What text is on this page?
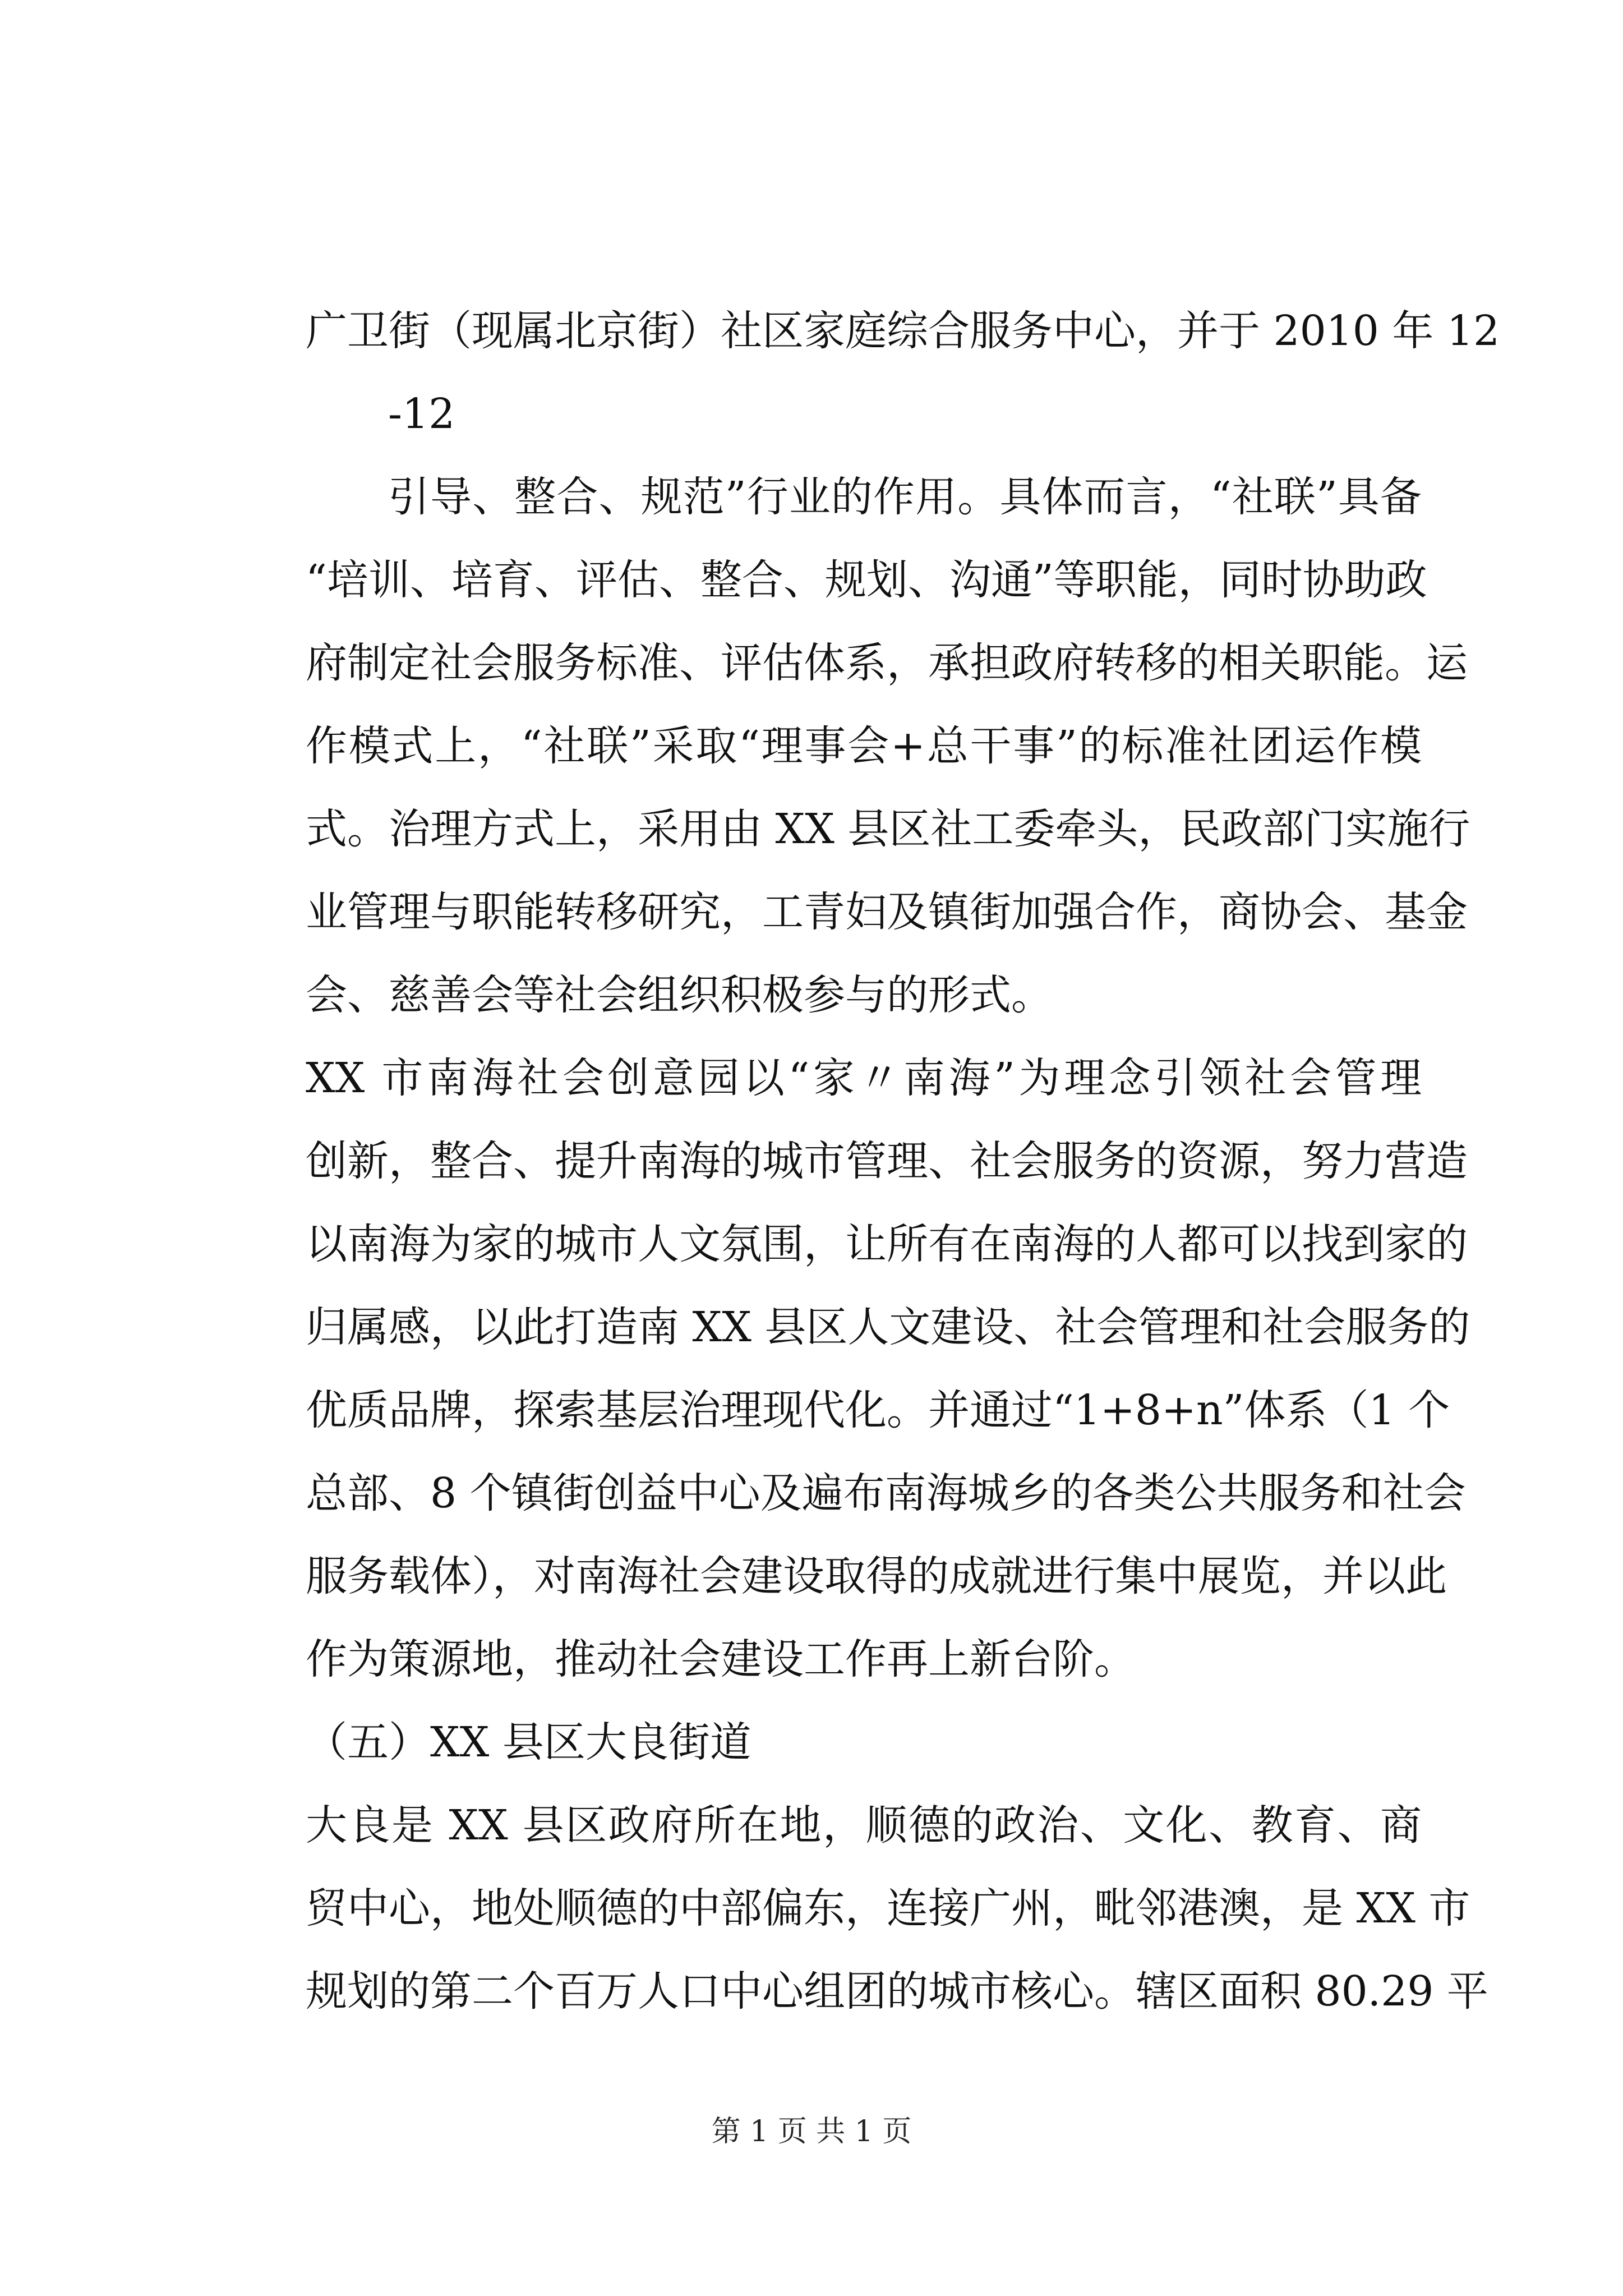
广卫街（现属北京街）社区家庭综合服务中心，并于 2010 年 12
-12
引导、整合、规范”行业的作用。具体而言，“社联”具备
“培训、培育、评估、整合、规划、沟通”等职能，同时协助政
府制定社会服务标准、评估体系，承担政府转移的相关职能。运
作模式上，“社联”采取“理事会+总干事”的标准社团运作模
式。治理方式上，采用由 XX 县区社工委牵头，民政部门实施行
业管理与职能转移研究，工青妇及镇街加强合作，商协会、基金
会、慈善会等社会组织积极参与的形式。
XX 市南海社会创意园以“家〃南海”为理念引领社会管理
创新，整合、提升南海的城市管理、社会服务的资源，努力营造
以南海为家的城市人文氛围，让所有在南海的人都可以找到家的
归属感，以此打造南 XX 县区人文建设、社会管理和社会服务的
优质品牌，探索基层治理现代化。并通过“1+8+n”体系（1 个
总部、8 个镇街创益中心及遍布南海城乡的各类公共服务和社会
服务载体），对南海社会建设取得的成就进行集中展览，并以此
作为策源地，推动社会建设工作再上新台阶。
（五）XX 县区大良街道
大良是 XX 县区政府所在地，顺德的政治、文化、教育、商
贸中心，地处顺德的中部偏东，连接广州，毗邻港澳，是 XX 市
规划的第二个百万人口中心组团的城市核心。辖区面积 80.29 平
第 1 页 共 1 页
